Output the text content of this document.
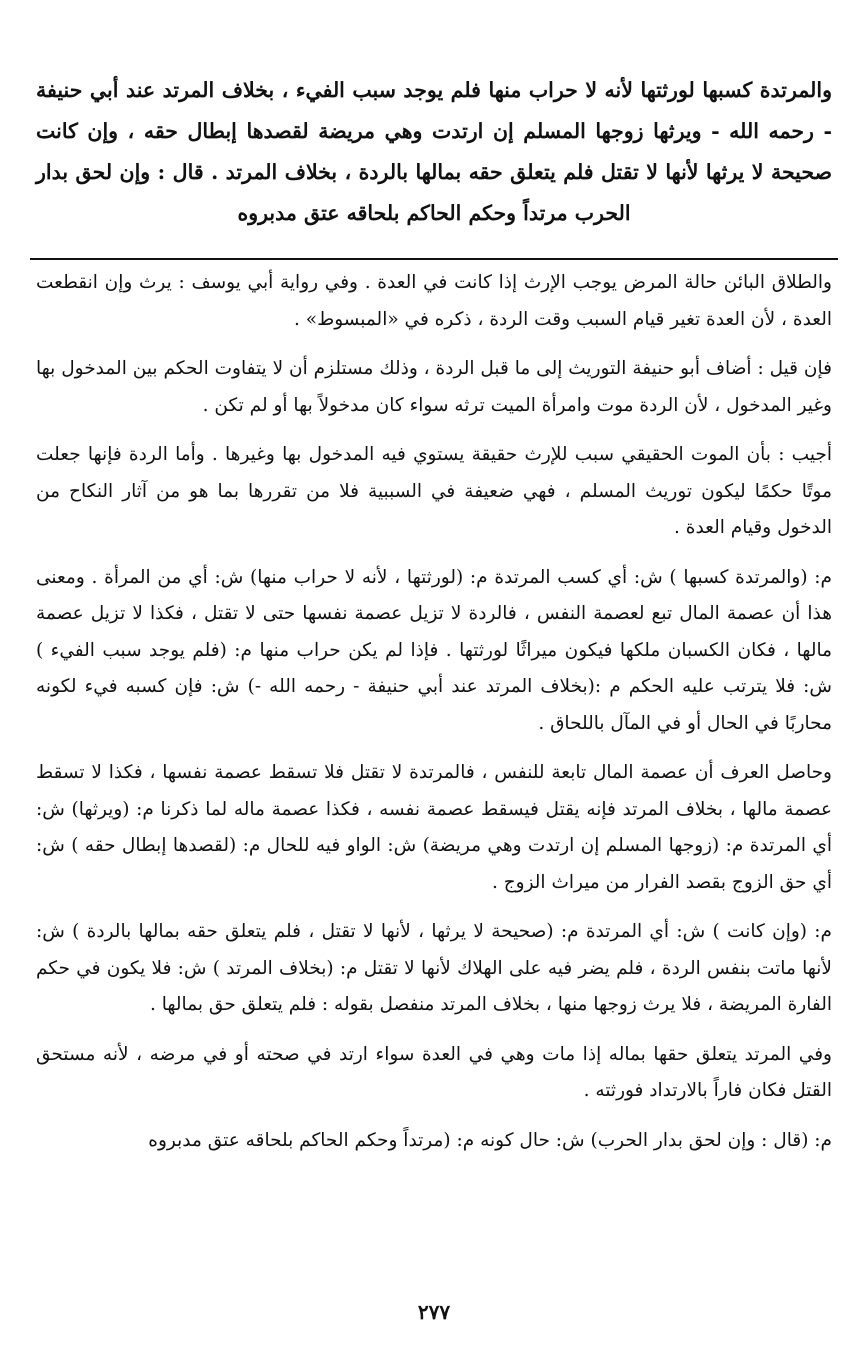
والمرتدة كسبها لورثتها لأنه لا حراب منها فلم يوجد سبب الفيء ، بخلاف المرتد عند أبي حنيفة - رحمه الله - ويرثها زوجها المسلم إن ارتدت وهي مريضة لقصدها إبطال حقه ، وإن كانت صحيحة لا يرثها لأنها لا تقتل فلم يتعلق حقه بمالها بالردة ، بخلاف المرتد . قال : وإن لحق بدار الحرب مرتداً وحكم الحاكم بلحاقه عتق مدبروه

والطلاق البائن حالة المرض يوجب الإرث إذا كانت في العدة . وفي رواية أبي يوسف : يرث وإن انقطعت العدة ، لأن العدة تغير قيام السبب وقت الردة ، ذكره في «المبسوط» .

فإن قيل : أضاف أبو حنيفة التوريث إلى ما قبل الردة ، وذلك مستلزم أن لا يتفاوت الحكم بين المدخول بها وغير المدخول ، لأن الردة موت وامرأة الميت ترثه سواء كان مدخولاً بها أو لم تكن .

أجيب : بأن الموت الحقيقي سبب للإرث حقيقة يستوي فيه المدخول بها وغيرها . وأما الردة فإنها جعلت موتًا حكمًا ليكون توريث المسلم ، فهي ضعيفة في السببية فلا من تقررها بما هو من آثار النكاح من الدخول وقيام العدة .

م: (والمرتدة كسبها ) ش: أي كسب المرتدة م: (لورثتها ، لأنه لا حراب منها) ش: أي من المرأة . ومعنى هذا أن عصمة المال تبع لعصمة النفس ، فالردة لا تزيل عصمة نفسها حتى لا تقتل ، فكذا لا تزيل عصمة مالها ، فكان الكسبان ملكها فيكون ميراثًا لورثتها . فإذا لم يكن حراب منها م: (فلم يوجد سبب الفيء ) ش: فلا يترتب عليه الحكم م :(بخلاف المرتد عند أبي حنيفة - رحمه الله -) ش: فإن كسبه فيء لكونه محاربًا في الحال أو في المآل باللحاق .

وحاصل العرف أن عصمة المال تابعة للنفس ، فالمرتدة لا تقتل فلا تسقط عصمة نفسها ، فكذا لا تسقط عصمة مالها ، بخلاف المرتد فإنه يقتل فيسقط عصمة نفسه ، فكذا عصمة ماله لما ذكرنا م: (ويرثها) ش: أي المرتدة م: (زوجها المسلم إن ارتدت وهي مريضة) ش: الواو فيه للحال م: (لقصدها إبطال حقه ) ش: أي حق الزوج بقصد الفرار من ميراث الزوج .

م: (وإن كانت ) ش: أي المرتدة م: (صحيحة لا يرثها ، لأنها لا تقتل ، فلم يتعلق حقه بمالها بالردة ) ش: لأنها ماتت بنفس الردة ، فلم يضر فيه على الهلاك لأنها لا تقتل م: (بخلاف المرتد ) ش: فلا يكون في حكم الفارة المريضة ، فلا يرث زوجها منها ، بخلاف المرتد منفصل بقوله : فلم يتعلق حق بمالها .

وفي المرتد يتعلق حقها بماله إذا مات وهي في العدة سواء ارتد في صحته أو في مرضه ، لأنه مستحق القتل فكان فاراً بالارتداد فورثته .

م: (قال : وإن لحق بدار الحرب) ش: حال كونه م: (مرتداً وحكم الحاكم بلحاقه عتق مدبروه

٢٧٧
